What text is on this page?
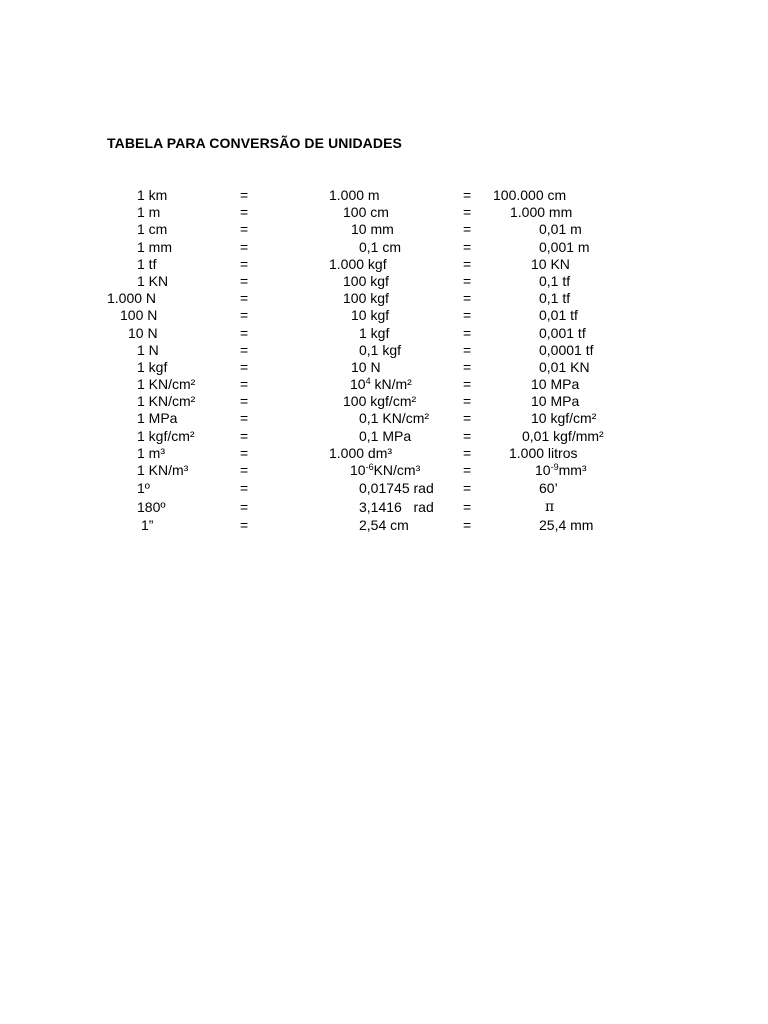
TABELA PARA CONVERSÃO DE UNIDADES
1 km	=	1.000 m	= 100.000 cm
1 m	=	100 cm	=	1.000 mm
1 cm	=	10 mm	=	0,01 m
1 mm	=	0,1 cm	=	0,001 m
1 tf	=	1.000 kgf	=	10 KN
1 KN	=	100 kgf	=	0,1 tf
1.000 N	=	100 kgf	=	0,1 tf
100 N	=	10 kgf	=	0,01 tf
10 N	=	1 kgf	=	0,001 tf
1 N	=	0,1 kgf	=	0,0001 tf
1 kgf	=	10 N	=	0,01 KN
1 KN/cm²	=	$10^4$ kN/m²	=	10 MPa
1 KN/cm²	=	100 kgf/cm²	=	10 MPa
1 MPa	=	0,1 KN/cm² =	10 kgf/cm²
1 kgf/cm²	=	0,1 MPa	=	0,01 kgf/mm²
1 m³	=	1.000 dm³	=	1.000 litros
1 KN/m³	=	$10^{-6}KN$/cm³	=	$10^{-9}mm^3$
1º	=	0,01745 rad =	60’
180º	=	3,1416   rad =	π
1”	=	2,54 cm	=	25,4 mm
